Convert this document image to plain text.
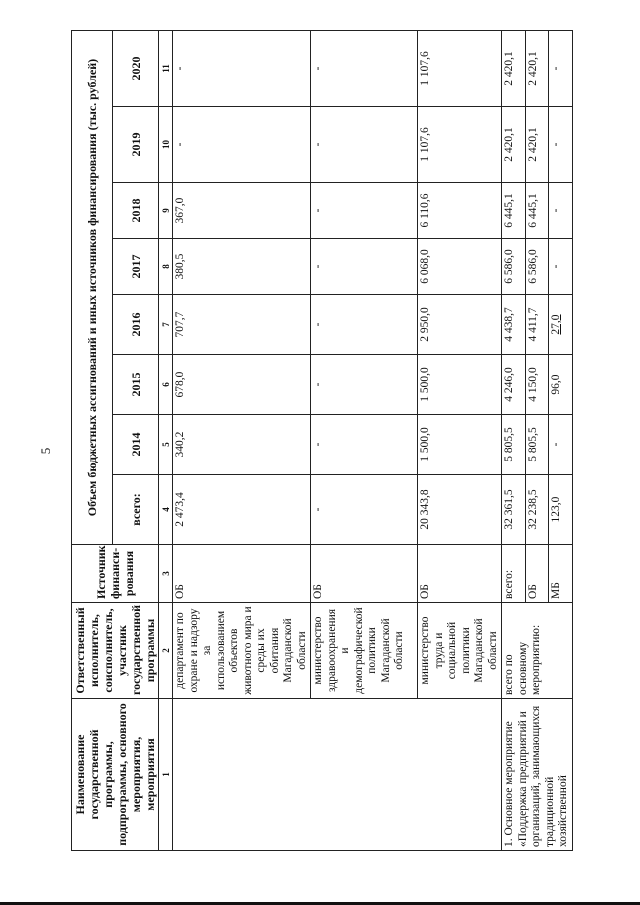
5
Наименование государственной программы, подпрограммы, основного мероприятия, мероприятия	Ответственный исполнитель, соисполнитель, участник государственной программы	Источник финанси-рования	Объем бюджетных ассигнований и иных источников финансирования (тыс. рублей)							
			всего:	2014	2015	2016	2017	2018	2019	2020
1	2	3	4	5	6	7	8	9	10	11
	департамент по охране и надзору за использованием объектов животного мира и среды их обитания Магаданской области	ОБ	2 473,4	340,2	678,0	707,7	380,5	367,0	-	-
	министерство здравоохранения и демографической политики Магаданской области	ОБ	-	-	-	-	-	-	-	-
	министерство труда и социальной политики Магаданской области	ОБ	20 343,8	1 500,0	1 500,0	2 950,0	6 068,0	6 110,6	1 107,6	1 107,6
1. Основное мероприятие «Поддержка предприятий и организаций, занимающихся традиционной хозяйственной	всего по основному мероприятию:	всего:	32 361,5	5 805,5	4 246,0	4 438,7	6 586,0	6 445,1	2 420,1	2 420,1
		ОБ	32 238,5	5 805,5	4 150,0	4 411,7	6 586,0	6 445,1	2 420,1	2 420,1
		МБ	123,0	-	96,0	27,0	-	-	-	-
